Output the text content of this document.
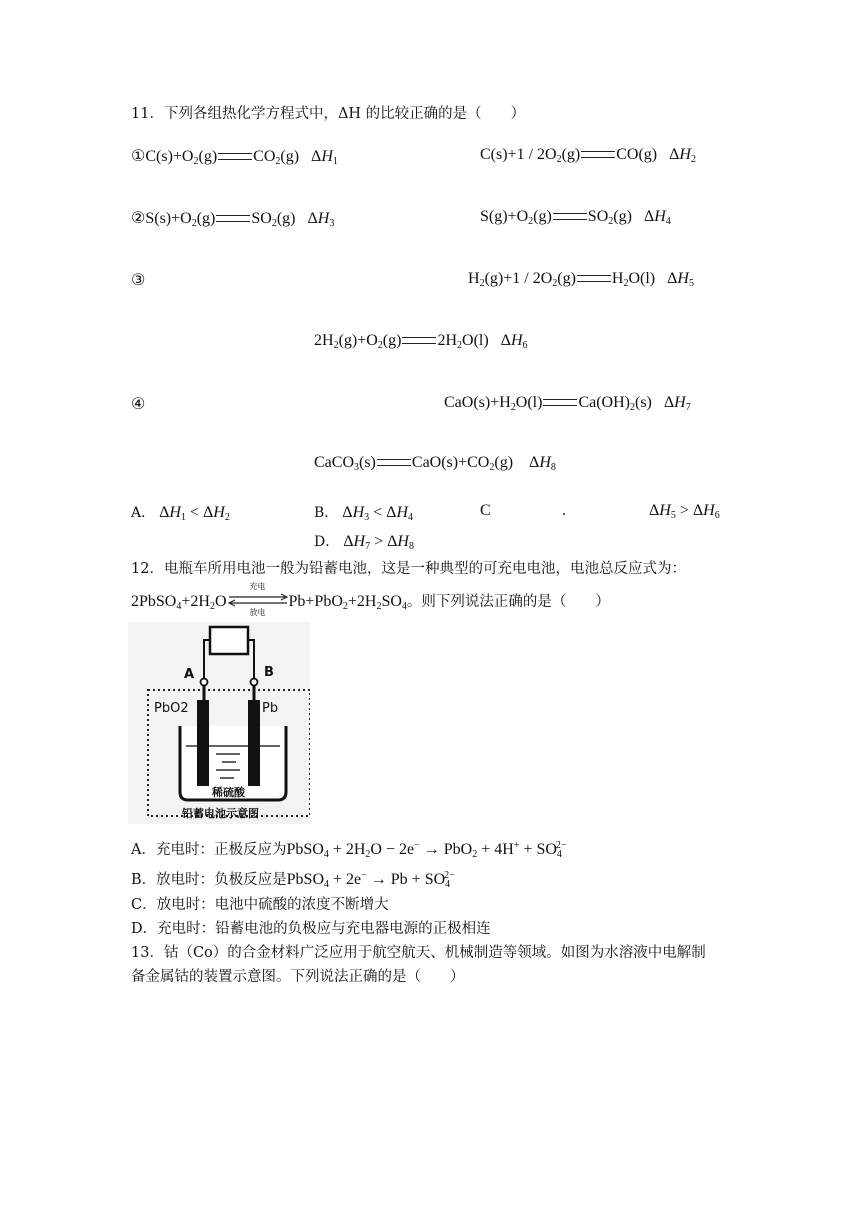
11．下列各组热化学方程式中，ΔH 的比较正确的是（　　）
$①C(s)+O_2(g)$ $CO_2(g)$   $\Delta H_1$	$C(s)+1 / 2O_2(g)$ CO(g)   $\Delta H_2$
$②S(s)+O_2(g)$ $SO_2(g)$   $\Delta H_3$	$S(g)+O_2(g)$ $SO_2(g)$   $\Delta H_4$
③	$H_2(g)+1 / 2O_2(g)$ $H_2O(l)$   $\Delta H_5$
$2H_2(g)+O_2(g)$ $2H_2O(l)$   $\Delta H_6$
④	$CaO(s)+H_2O(l)$ $Ca(OH)_2(s)$   $\Delta H_7$
CaCO$_3$(s) $CaO(s)+CO_2(g)$    $\Delta H_8$
A． $\Delta H_1 < \Delta H_2$	B． $\Delta H_3 < \Delta H_4$	C	.	$\Delta H_5 > \Delta H_6$
D． $\Delta H_7 > \Delta H_8$
12．电瓶车所用电池一般为铅蓄电池，这是一种典型的可充电电池，电池总反应式为：
$2PbSO_4+2H_2O$
充电
放电
$Pb+PbO_2+2H_2SO_4$。则下列说法正确的是（　　）
A	B
PbO2	Pb
稀硫酸
铅蓄电池示意图
A．充电时：正极反应为PbSO$_4$ + $2H_2O - 2e^- \to PbO_2 + 4H^+ + SO_4^{2-}$
B．放电时：负极反应是PbSO$_4$ + $2e^- \to Pb + SO_4^{2-}$
C．放电时：电池中硫酸的浓度不断增大
D．充电时：铅蓄电池的负极应与充电器电源的正极相连
13．钴（Co）的合金材料广泛应用于航空航天、机械制造等领域。如图为水溶液中电解制
备金属钴的装置示意图。下列说法正确的是（　　）
